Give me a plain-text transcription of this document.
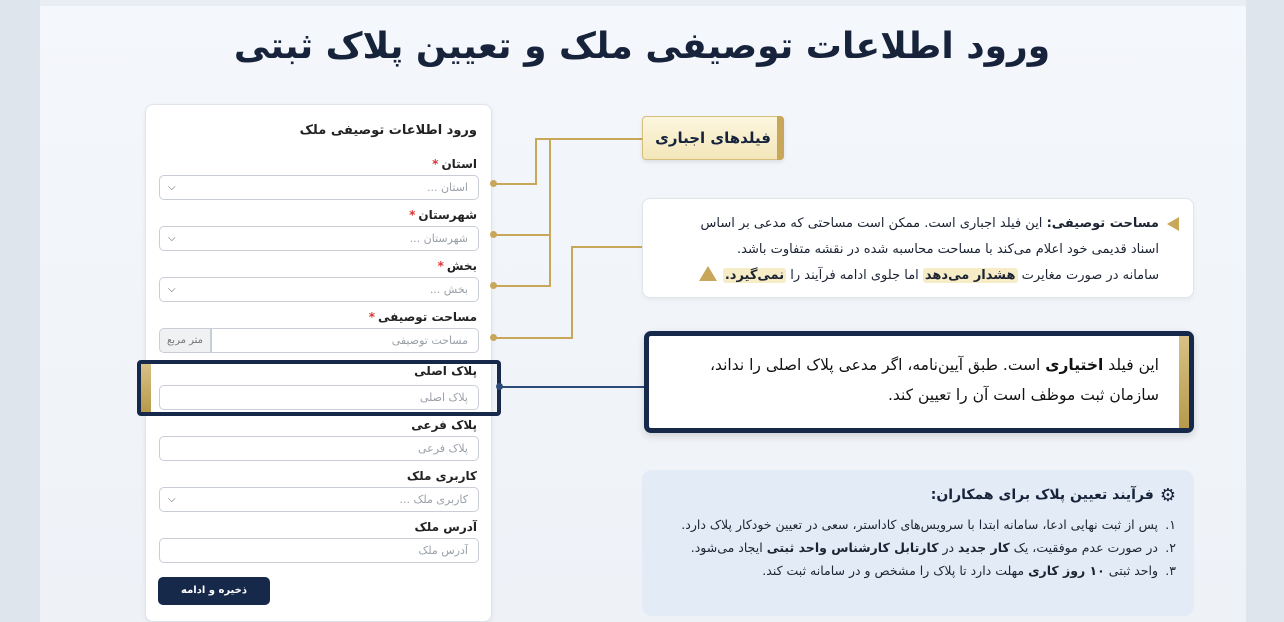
ورود اطلاعات توصیفی ملک و تعیین پلاک ثبتی
ورود اطلاعات توصیفی ملک
استان*
استان ...
⌵
شهرستان*
شهرستان ...
⌵
بخش*
بخش ...
⌵
مساحت توصیفی*
مساحت توصیفی
متر مربع
پلاک اصلی
پلاک اصلی
پلاک فرعی
پلاک فرعی
کاربری ملک
کاربری ملک ...
⌵
آدرس ملک
آدرس ملک
ذخیره و ادامه
فیلدهای اجباری
مساحت توصیفی: این فیلد اجباری است. ممکن است مساحتی که مدعی بر اساس
اسناد قدیمی خود اعلام می‌کند با مساحت محاسبه شده در نقشه متفاوت باشد.
سامانه در صورت مغایرت هشدار می‌دهد اما جلوی ادامه فرآیند را نمی‌گیرد.
این فیلد اختیاری است. طبق آیین‌نامه، اگر مدعی پلاک اصلی را نداند،
سازمان ثبت موظف است آن را تعیین کند.
⚙فرآیند تعیین پلاک برای همکاران:
۱.
پس از ثبت نهایی ادعا، سامانه ابتدا با سرویس‌های کاداستر، سعی در تعیین خودکار پلاک دارد.
۲.
در صورت عدم موفقیت، یک کار جدید در کارتابل کارشناس واحد ثبتی ایجاد می‌شود.
۳.
واحد ثبتی ۱۰ روز کاری مهلت دارد تا پلاک را مشخص و در سامانه ثبت کند.
